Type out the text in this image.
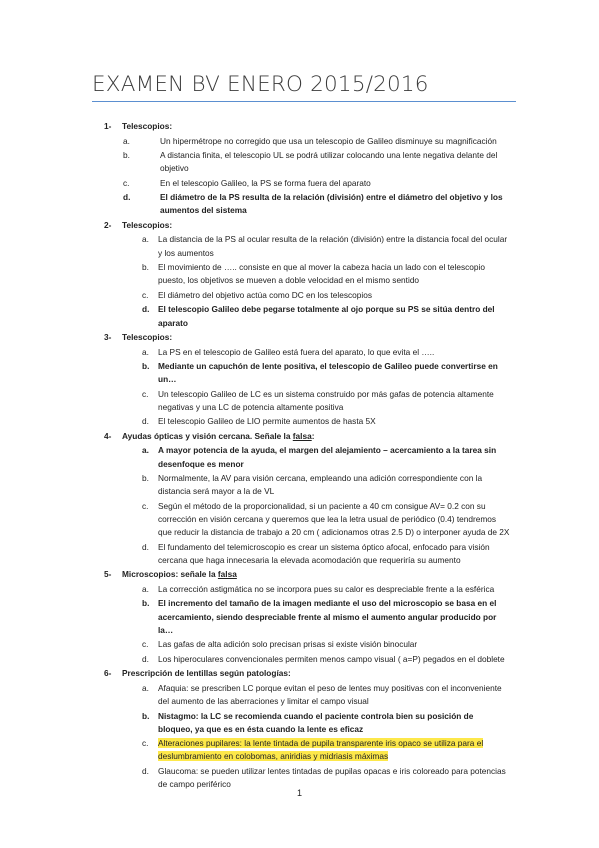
EXAMEN BV ENERO 2015/2016
1- Telescopios:
a.	Un hipermétrope no corregido que usa un telescopio de Galileo disminuye su magnificación
b.	A distancia finita, el telescopio UL se podrá utilizar colocando una lente negativa delante del objetivo
c.	En el telescopio Galileo, la PS se forma fuera del aparato
d.	El diámetro de la PS resulta de la relación (división) entre el diámetro del objetivo y los aumentos del sistema
2- Telescopios:
a. La distancia de la PS al ocular resulta de la relación (división) entre la distancia focal del ocular y los aumentos
b. El movimiento de ….. consiste en que al mover la cabeza hacia un lado con el telescopio puesto, los objetivos se mueven a doble velocidad en el mismo sentido
c. El diámetro del objetivo actúa como DC en los telescopios
d. El telescopio Galileo debe pegarse totalmente al ojo porque su PS se sitúa dentro del aparato
3- Telescopios:
a. La PS en el telescopio de Galileo está fuera del aparato, lo que evita el …..
b. Mediante un capuchón de lente positiva, el telescopio de Galileo puede convertirse en un…
c. Un telescopio Galileo de LC es un sistema construido por más gafas de potencia altamente negativas y una LC de potencia altamente positiva
d. El telescopio Galileo de LIO permite aumentos de hasta 5X
4- Ayudas ópticas y visión cercana. Señale la falsa:
a. A mayor potencia de la ayuda, el margen del alejamiento – acercamiento a la tarea sin desenfoque es menor
b. Normalmente, la AV para visión cercana, empleando una adición correspondiente con la distancia será mayor a la de VL
c. Según el método de la proporcionalidad, si un paciente a 40 cm consigue AV= 0.2 con su corrección en visión cercana y queremos que lea la letra usual de periódico (0.4) tendremos que reducir la distancia de trabajo a 20 cm ( adicionamos otras 2.5 D) o interponer ayuda de 2X
d. El fundamento del telemicroscopio es crear un sistema óptico afocal, enfocado para visión cercana que haga innecesaria la elevada acomodación que requeriría su aumento
5- Microscopios: señale la falsa
a. La corrección astigmática no se incorpora pues su calor es despreciable frente a la esférica
b. El incremento del tamaño de la imagen mediante el uso del microscopio se basa en el acercamiento, siendo despreciable frente al mismo el aumento angular producido por la…
c. Las gafas de alta adición solo precisan prisas si existe visión binocular
d. Los hiperoculares convencionales permiten menos campo visual ( a=P) pegados en el doblete
6- Prescripción de lentillas según patologías:
a. Afaquia: se prescriben LC porque evitan el peso de lentes muy positivas con el inconveniente del aumento de las aberraciones y limitar el campo visual
b. Nistagmo: la LC se recomienda cuando el paciente controla bien su posición de bloqueo, ya que es en ésta cuando la lente es eficaz
c. Alteraciones pupilares: la lente tintada de pupila transparente iris opaco se utiliza para el deslumbramiento en colobomas, aniridias y midriasis máximas
d. Glaucoma: se pueden utilizar lentes tintadas de pupilas opacas e iris coloreado para potencias de campo periférico
1
